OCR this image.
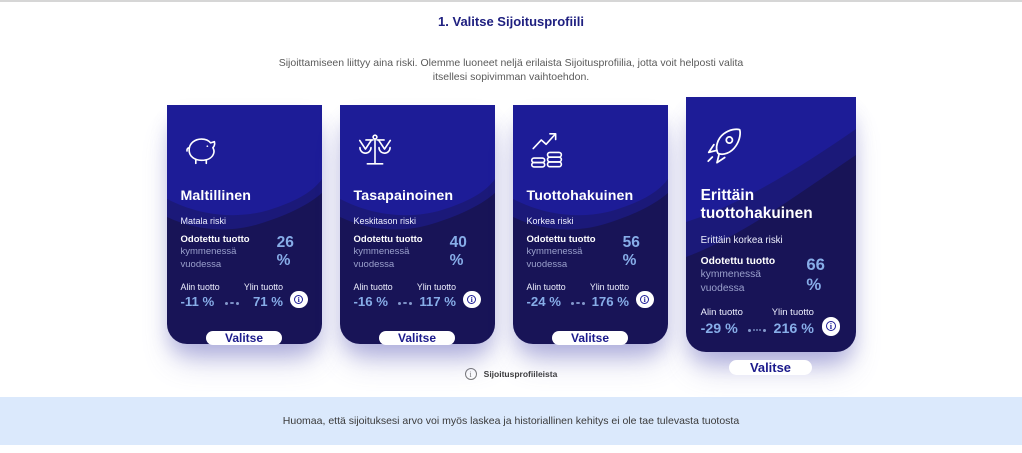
1. Valitse Sijoitusprofiili

Sijoittamiseen liittyy aina riski. Olemme luoneet neljä erilaista Sijoitusprofiilia, jotta voit helposti valita itsellesi sopivimman vaihtoehdon.

Maltillinen
Matala riski
Odotettu tuotto
kymmenessä vuodessa
26 %
Alin tuotto
-11 %
Ylin tuotto
71 %	i
Valitse
Tasapainoinen
Keskitason riski
Odotettu tuotto
kymmenessä vuodessa
40 %
Alin tuotto
-16 %
Ylin tuotto
117 %	i
Valitse
Tuottohakuinen
Korkea riski
Odotettu tuotto
kymmenessä vuodessa
56 %
Alin tuotto
-24 %
Ylin tuotto
176 %	i
Valitse
Erittäin tuottohakuinen
Erittäin korkea riski
Odotettu tuotto
kymmenessä vuodessa
66 %
Alin tuotto
-29 %
Ylin tuotto
216 %	i
Valitse
i	Sijoitusprofiileista

Huomaa, että sijoituksesi arvo voi myös laskea ja historiallinen kehitys ei ole tae tulevasta tuotosta
